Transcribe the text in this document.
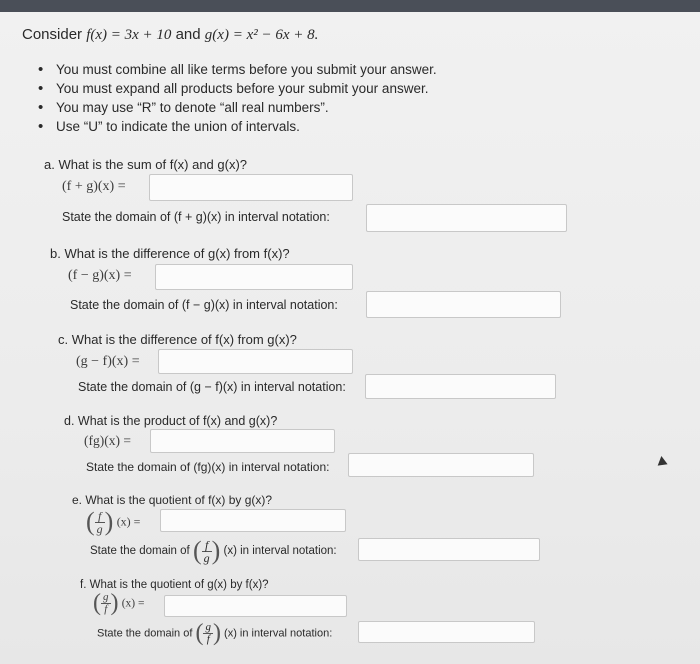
Consider f(x) = 3x + 10 and g(x) = x² − 6x + 8.
• You must combine all like terms before you submit your answer.
• You must expand all products before your submit your answer.
• You may use “R” to denote “all real numbers”.
• Use “U” to indicate the union of intervals.
a. What is the sum of f(x) and g(x)?
(f + g)(x) =
State the domain of (f + g)(x) in interval notation:
b. What is the difference of g(x) from f(x)?
(f − g)(x) =
State the domain of (f − g)(x) in interval notation:
c. What is the difference of f(x) from g(x)?
(g − f)(x) =
State the domain of (g − f)(x) in interval notation:
d. What is the product of f(x) and g(x)?
(fg)(x) =
State the domain of (fg)(x) in interval notation:
e. What is the quotient of f(x) by g(x)?
( $\frac{f}{g}$ ) (x) =
State the domain of ( $\frac{f}{g}$ ) (x) in interval notation:
f. What is the quotient of g(x) by f(x)?
( $\frac{g}{f}$ ) (x) =
State the domain of ( $\frac{g}{f}$ ) (x) in interval notation:
